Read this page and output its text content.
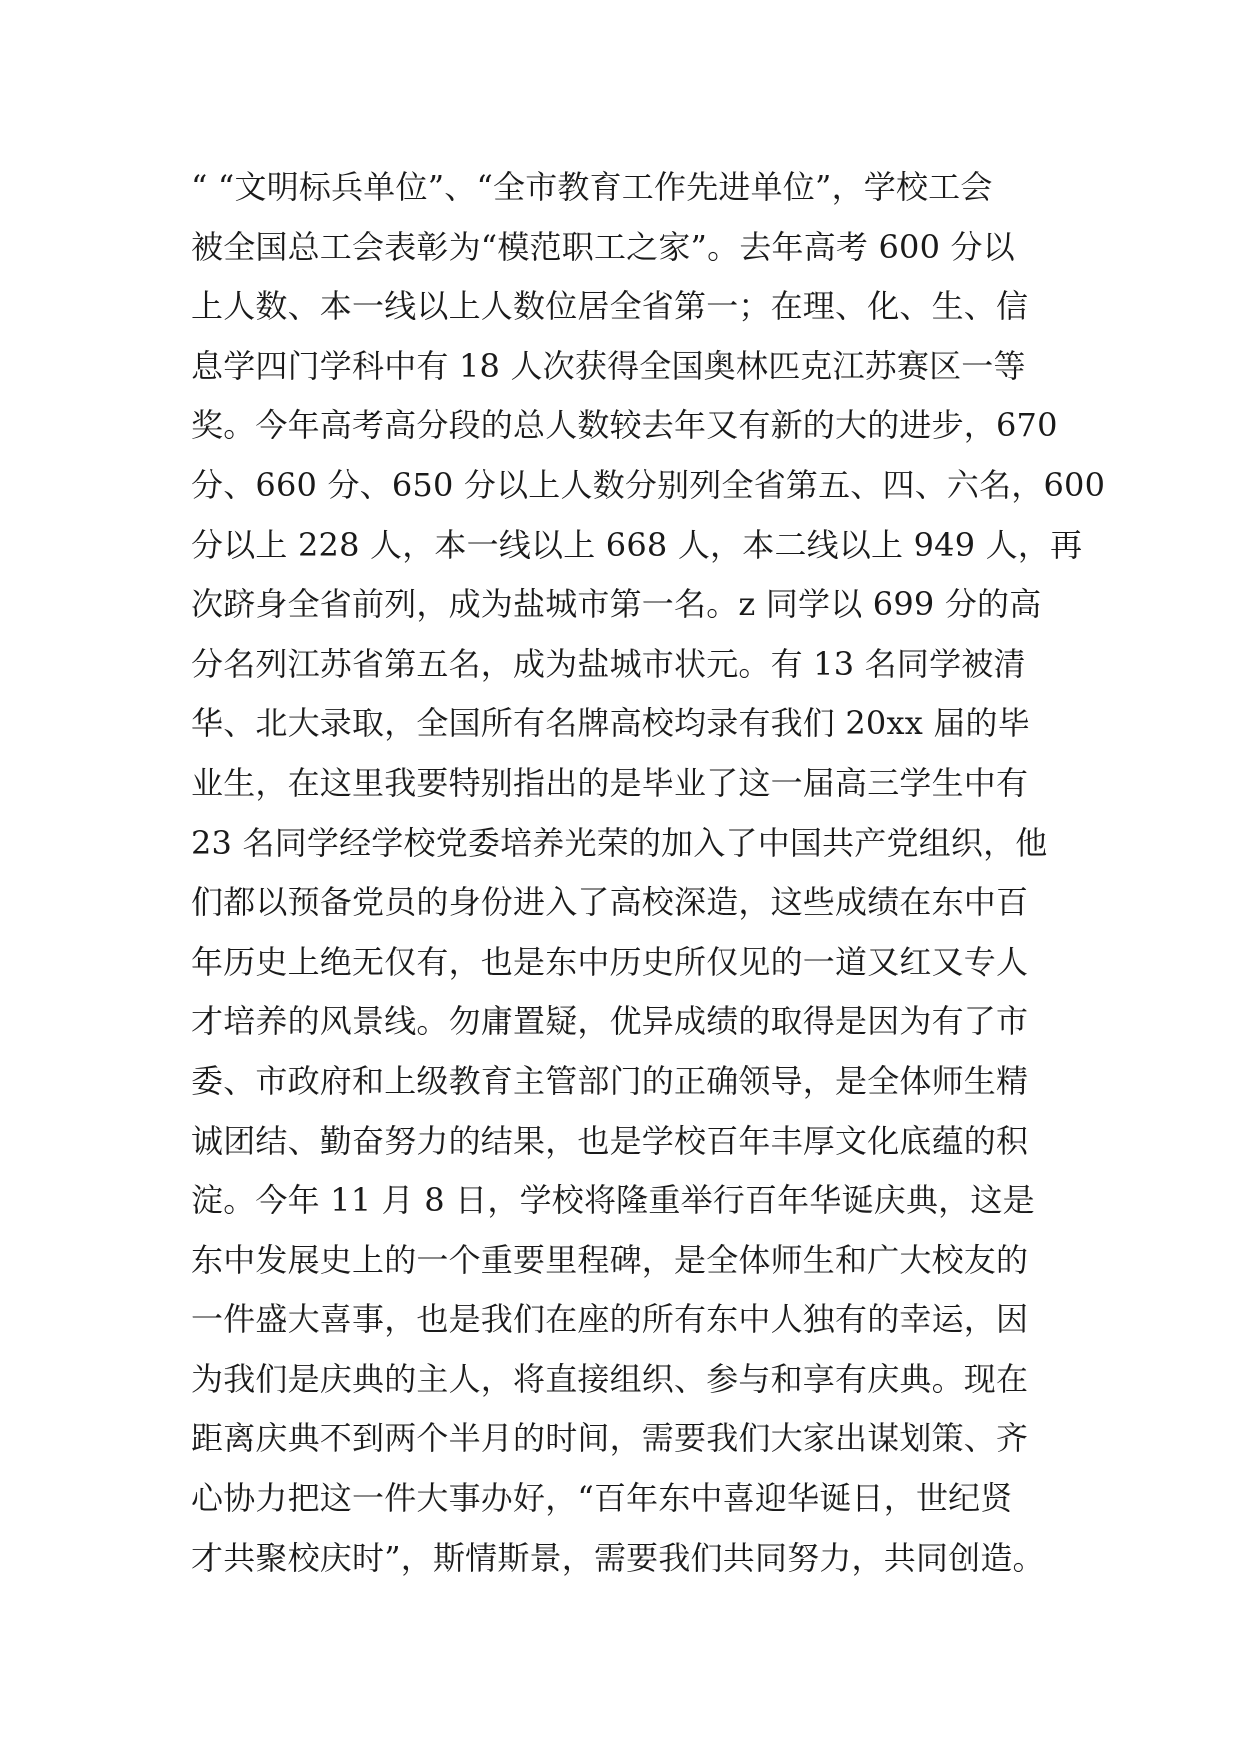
“ “文明标兵单位”、“全市教育工作先进单位”，学校工会
被全国总工会表彰为“模范职工之家”。去年高考 600 分以
上人数、本一线以上人数位居全省第一；在理、化、生、信
息学四门学科中有 18 人次获得全国奥林匹克江苏赛区一等
奖。今年高考高分段的总人数较去年又有新的大的进步，670
分、660 分、650 分以上人数分别列全省第五、四、六名，600
分以上 228 人，本一线以上 668 人，本二线以上 949 人，再
次跻身全省前列，成为盐城市第一名。z 同学以 699 分的高
分名列江苏省第五名，成为盐城市状元。有 13 名同学被清
华、北大录取，全国所有名牌高校均录有我们 20xx 届的毕
业生，在这里我要特别指出的是毕业了这一届高三学生中有
23 名同学经学校党委培养光荣的加入了中国共产党组织，他
们都以预备党员的身份进入了高校深造，这些成绩在东中百
年历史上绝无仅有，也是东中历史所仅见的一道又红又专人
才培养的风景线。勿庸置疑，优异成绩的取得是因为有了市
委、市政府和上级教育主管部门的正确领导，是全体师生精
诚团结、勤奋努力的结果，也是学校百年丰厚文化底蕴的积
淀。今年 11 月 8 日，学校将隆重举行百年华诞庆典，这是
东中发展史上的一个重要里程碑，是全体师生和广大校友的
一件盛大喜事，也是我们在座的所有东中人独有的幸运，因
为我们是庆典的主人，将直接组织、参与和享有庆典。现在
距离庆典不到两个半月的时间，需要我们大家出谋划策、齐
心协力把这一件大事办好，“百年东中喜迎华诞日，世纪贤
才共聚校庆时”，斯情斯景，需要我们共同努力，共同创造。
